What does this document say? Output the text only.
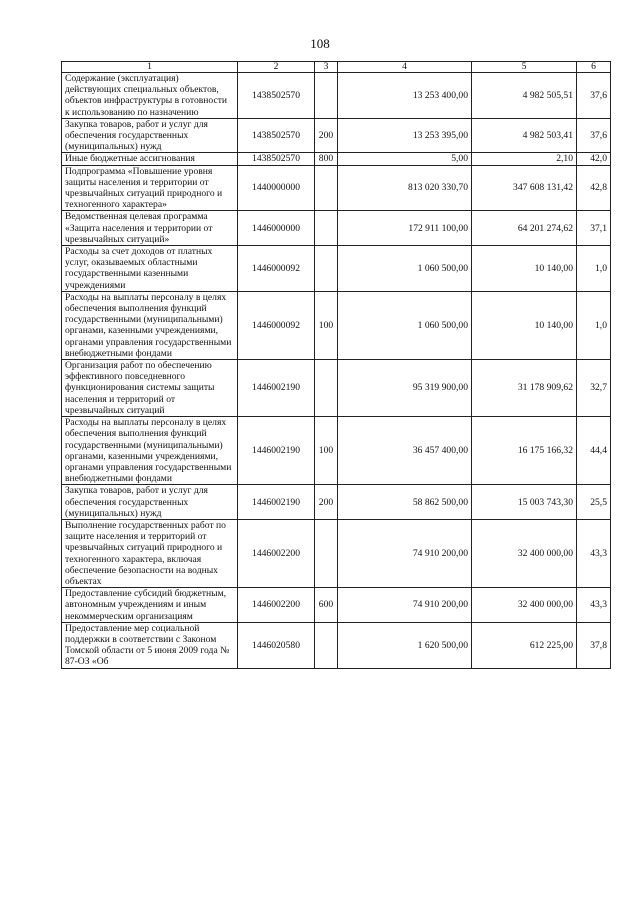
108
1	2	3	4	5	6
Содержание (эксплуатация) действующих специальных объектов, объектов инфраструктуры в готовности к использованию по назначению	1438502570		13 253 400,00	4 982 505,51	37,6
Закупка товаров, работ и услуг для обеспечения государственных (муниципальных) нужд	1438502570	200	13 253 395,00	4 982 503,41	37,6
Иные бюджетные ассигнования	1438502570	800	5,00	2,10	42,0
Подпрограмма «Повышение уровня защиты населения и территории от чрезвычайных ситуаций природного и техногенного характера»	1440000000		813 020 330,70	347 608 131,42	42,8
Ведомственная целевая программа «Защита населения и территории от чрезвычайных ситуаций»	1446000000		172 911 100,00	64 201 274,62	37,1
Расходы за счет доходов от платных услуг, оказываемых областными государственными казенными учреждениями	1446000092		1 060 500,00	10 140,00	1,0
Расходы на выплаты персоналу в целях обеспечения выполнения функций государственными (муниципальными) органами, казенными учреждениями, органами управления государственными внебюджетными фондами	1446000092	100	1 060 500,00	10 140,00	1,0
Организация работ по обеспечению эффективного повседневного функционирования системы защиты населения и территорий от чрезвычайных ситуаций	1446002190		95 319 900,00	31 178 909,62	32,7
Расходы на выплаты персоналу в целях обеспечения выполнения функций государственными (муниципальными) органами, казенными учреждениями, органами управления государственными внебюджетными фондами	1446002190	100	36 457 400,00	16 175 166,32	44,4
Закупка товаров, работ и услуг для обеспечения государственных (муниципальных) нужд	1446002190	200	58 862 500,00	15 003 743,30	25,5
Выполнение государственных работ по защите населения и территорий от чрезвычайных ситуаций природного и техногенного характера, включая обеспечение безопасности на водных объектах	1446002200		74 910 200,00	32 400 000,00	43,3
Предоставление субсидий бюджетным, автономным учреждениям и иным некоммерческим организациям	1446002200	600	74 910 200,00	32 400 000,00	43,3
Предоставление мер социальной поддержки в соответствии с Законом Томской области от 5 июня 2009 года № 87-ОЗ «Об	1446020580		1 620 500,00	612 225,00	37,8
